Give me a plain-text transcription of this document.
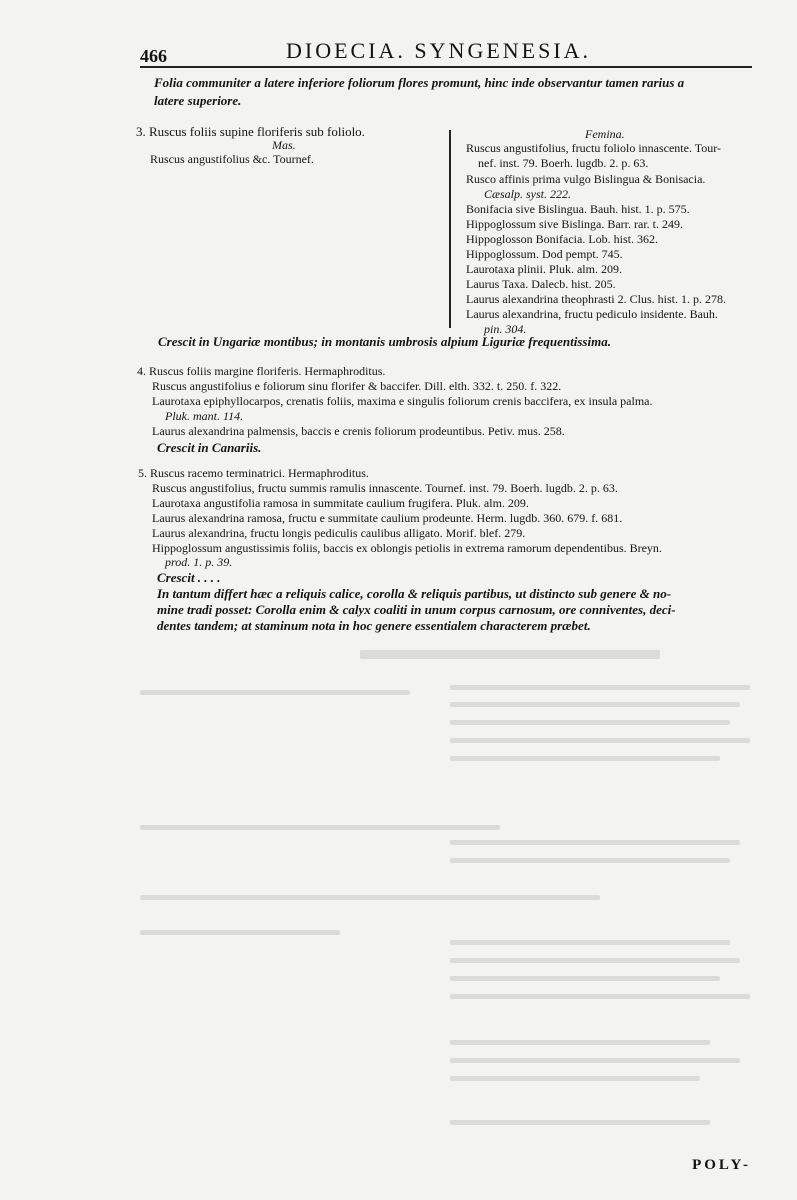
466	DIOECIA. SYNGENESIA.
Folia communiter a latere inferiore foliorum flores promunt, hinc inde observantur tamen rarius a
latere superiore.
3. Ruscus foliis supine floriferis sub foliolo.
Mas.
Ruscus angustifolius &c. Tournef.
Femina.
Ruscus angustifolius, fructu foliolo innascente. Tour-
nef. inst. 79. Boerh. lugdb. 2. p. 63.
Rusco affinis prima vulgo Bislingua & Bonisacia.
Cæsalp. syst. 222.
Bonifacia sive Bislingua. Bauh. hist. 1. p. 575.
Hippoglossum sive Bislinga. Barr. rar. t. 249.
Hippoglosson Bonifacia. Lob. hist. 362.
Hippoglossum. Dod pempt. 745.
Laurotaxa plinii. Pluk. alm. 209.
Laurus Taxa. Dalecb. hist. 205.
Laurus alexandrina theophrasti 2. Clus. hist. 1. p. 278.
Laurus alexandrina, fructu pediculo insidente. Bauh.
pin. 304.
Crescit in Ungariæ montibus; in montanis umbrosis alpium Liguriæ frequentissima.
4. Ruscus foliis margine floriferis. Hermaphroditus.
Ruscus angustifolius e foliorum sinu florifer & baccifer. Dill. elth. 332. t. 250. f. 322.
Laurotaxa epiphyllocarpos, crenatis foliis, maxima e singulis foliorum crenis baccifera, ex insula palma.
Pluk. mant. 114.
Laurus alexandrina palmensis, baccis e crenis foliorum prodeuntibus. Petiv. mus. 258.
Crescit in Canariis.
5. Ruscus racemo terminatrici. Hermaphroditus.
Ruscus angustifolius, fructu summis ramulis innascente. Tournef. inst. 79. Boerh. lugdb. 2. p. 63.
Laurotaxa angustifolia ramosa in summitate caulium frugifera. Pluk. alm. 209.
Laurus alexandrina ramosa, fructu e summitate caulium prodeunte. Herm. lugdb. 360. 679. f. 681.
Laurus alexandrina, fructu longis pediculis caulibus alligato. Morif. blef. 279.
Hippoglossum angustissimis foliis, baccis ex oblongis petiolis in extrema ramorum dependentibus. Breyn.
prod. 1. p. 39.
Crescit . . . .
In tantum differt hæc a reliquis calice, corolla & reliquis partibus, ut distincto sub genere & no-
mine tradi posset: Corolla enim & calyx coaliti in unum corpus carnosum, ore conniventes, deci-
dentes tandem; at staminum nota in hoc genere essentialem characterem præbet.
POLY-
